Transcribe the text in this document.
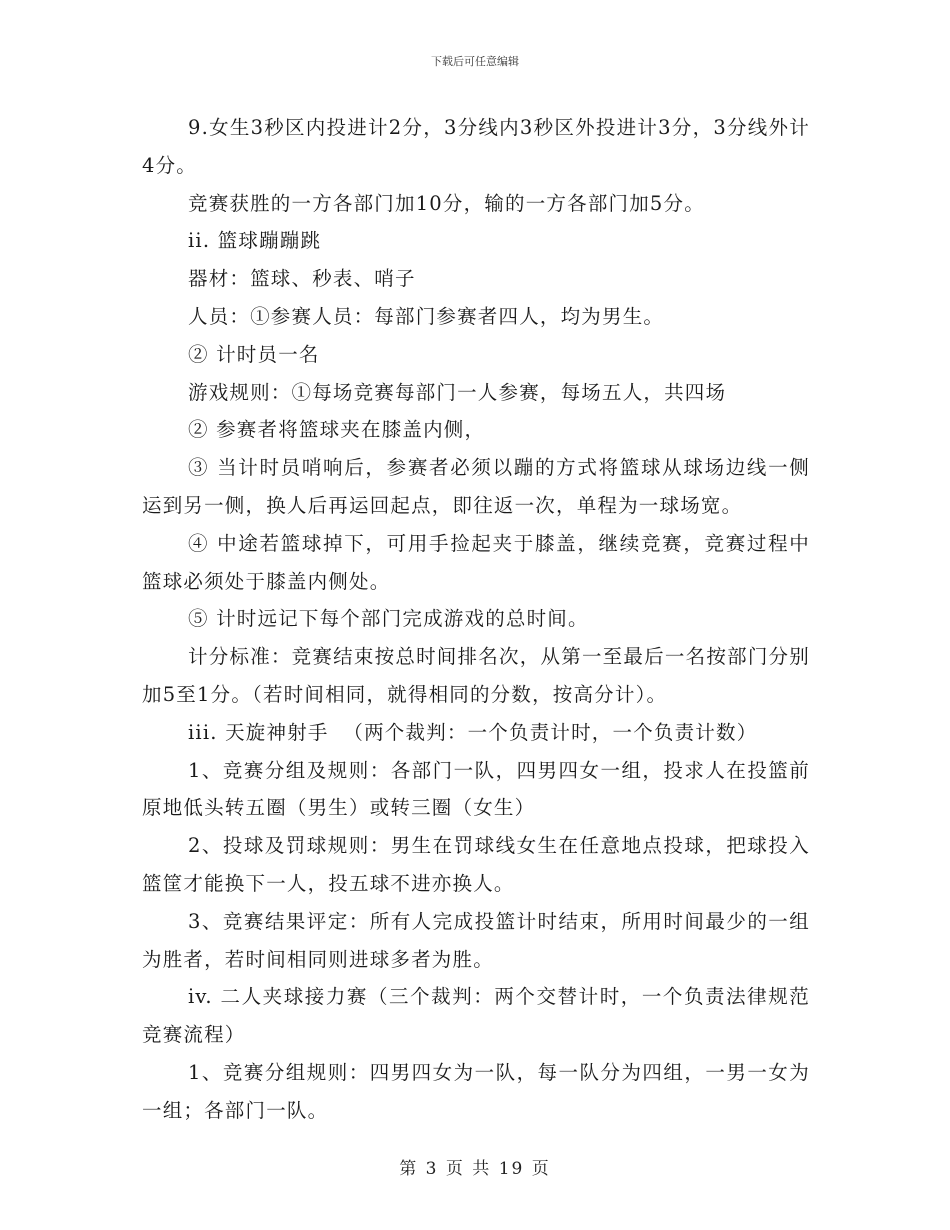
下载后可任意编辑

9.女生3秒区内投进计2分，3分线内3秒区外投进计3分，3分线外计4分。

竞赛获胜的一方各部门加10分，输的一方各部门加5分。

ii. 篮球蹦蹦跳

器材：篮球、秒表、哨子

人员：①参赛人员：每部门参赛者四人，均为男生。

② 计时员一名

游戏规则：①每场竞赛每部门一人参赛，每场五人，共四场

② 参赛者将篮球夹在膝盖内侧，

③ 当计时员哨响后，参赛者必须以蹦的方式将篮球从球场边线一侧运到另一侧，换人后再运回起点，即往返一次，单程为一球场宽。

④ 中途若篮球掉下，可用手捡起夹于膝盖，继续竞赛，竞赛过程中篮球必须处于膝盖内侧处。

⑤ 计时远记下每个部门完成游戏的总时间。

计分标准：竞赛结束按总时间排名次，从第一至最后一名按部门分别加5至1分。（若时间相同，就得相同的分数，按高分计）。

iii. 天旋神射手  （两个裁判：一个负责计时，一个负责计数）

1、竞赛分组及规则：各部门一队，四男四女一组，投求人在投篮前原地低头转五圈（男生）或转三圈（女生）

2、投球及罚球规则：男生在罚球线女生在任意地点投球，把球投入篮筐才能换下一人，投五球不进亦换人。

3、竞赛结果评定：所有人完成投篮计时结束，所用时间最少的一组为胜者，若时间相同则进球多者为胜。

iv. 二人夹球接力赛（三个裁判：两个交替计时，一个负责法律规范竞赛流程）

1、竞赛分组规则：四男四女为一队，每一队分为四组，一男一女为一组；各部门一队。

第 3 页 共 19 页
